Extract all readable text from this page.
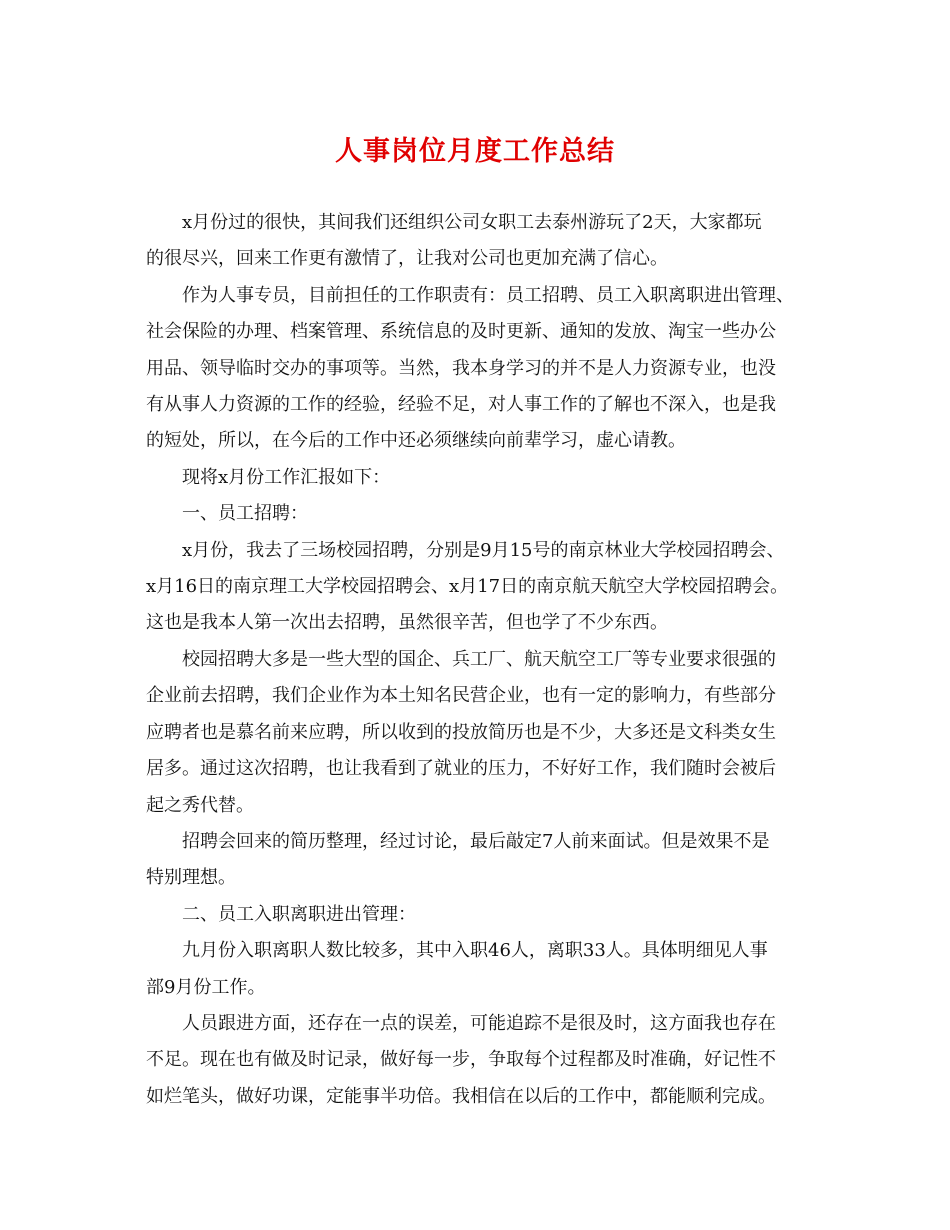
人事岗位月度工作总结

x月份过的很快，其间我们还组织公司女职工去泰州游玩了2天，大家都玩
的很尽兴，回来工作更有激情了，让我对公司也更加充满了信心。

作为人事专员，目前担任的工作职责有：员工招聘、员工入职离职进出管理、
社会保险的办理、档案管理、系统信息的及时更新、通知的发放、淘宝一些办公
用品、领导临时交办的事项等。当然，我本身学习的并不是人力资源专业，也没
有从事人力资源的工作的经验，经验不足，对人事工作的了解也不深入，也是我
的短处，所以，在今后的工作中还必须继续向前辈学习，虚心请教。

现将x月份工作汇报如下：

一、员工招聘：

x月份，我去了三场校园招聘，分别是9月15号的南京林业大学校园招聘会、
x月16日的南京理工大学校园招聘会、x月17日的南京航天航空大学校园招聘会。
这也是我本人第一次出去招聘，虽然很辛苦，但也学了不少东西。

校园招聘大多是一些大型的国企、兵工厂、航天航空工厂等专业要求很强的
企业前去招聘，我们企业作为本土知名民营企业，也有一定的影响力，有些部分
应聘者也是慕名前来应聘，所以收到的投放简历也是不少，大多还是文科类女生
居多。通过这次招聘，也让我看到了就业的压力，不好好工作，我们随时会被后
起之秀代替。

招聘会回来的简历整理，经过讨论，最后敲定7人前来面试。但是效果不是
特别理想。

二、员工入职离职进出管理：

九月份入职离职人数比较多，其中入职46人，离职33人。具体明细见人事
部9月份工作。

人员跟进方面，还存在一点的误差，可能追踪不是很及时，这方面我也存在
不足。现在也有做及时记录，做好每一步，争取每个过程都及时准确，好记性不
如烂笔头，做好功课，定能事半功倍。我相信在以后的工作中，都能顺利完成。
